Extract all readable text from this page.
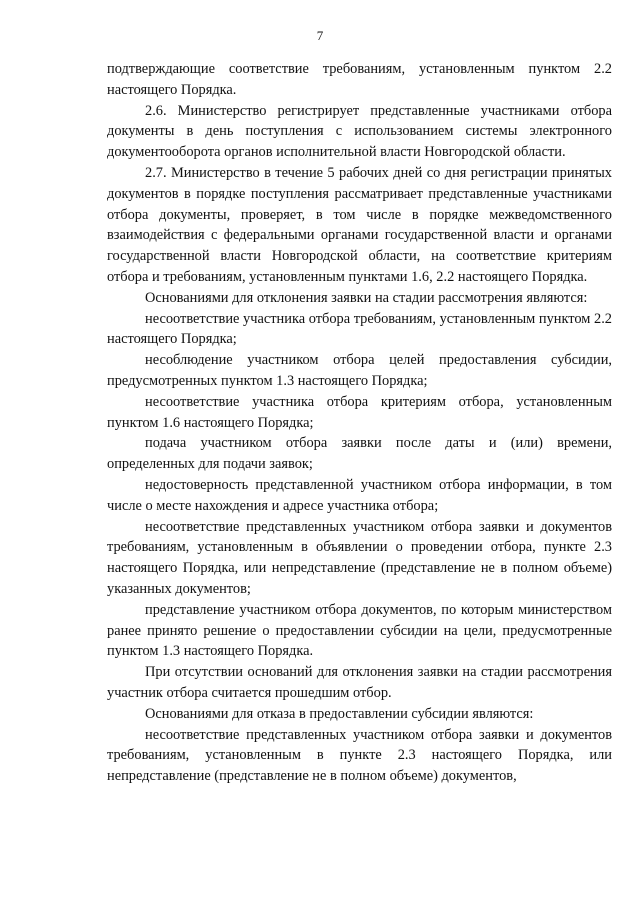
7

подтверждающие соответствие требованиям, установленным пунктом 2.2 настоящего Порядка.

2.6. Министерство регистрирует представленные участниками отбора документы в день поступления с использованием системы электронного документооборота органов исполнительной власти Новгородской области.

2.7. Министерство в течение 5 рабочих дней со дня регистрации принятых документов в порядке поступления рассматривает представленные участниками отбора документы, проверяет, в том числе в порядке межведомственного взаимодействия с федеральными органами государственной власти и органами государственной власти Новгородской области, на соответствие критериям отбора и требованиям, установленным пунктами 1.6, 2.2 настоящего Порядка.

Основаниями для отклонения заявки на стадии рассмотрения являются:

несоответствие участника отбора требованиям, установленным пунктом 2.2 настоящего Порядка;

несоблюдение участником отбора целей предоставления субсидии, предусмотренных пунктом 1.3 настоящего Порядка;

несоответствие участника отбора критериям отбора, установленным пунктом 1.6 настоящего Порядка;

подача участником отбора заявки после даты и (или) времени, определенных для подачи заявок;

недостоверность представленной участником отбора информации, в том числе о месте нахождения и адресе участника отбора;

несоответствие представленных участником отбора заявки и документов требованиям, установленным в объявлении о проведении отбора, пункте 2.3 настоящего Порядка, или непредставление (представление не в полном объеме) указанных документов;

представление участником отбора документов, по которым министерством ранее принято решение о предоставлении субсидии на цели, предусмотренные пунктом 1.3 настоящего Порядка.

При отсутствии оснований для отклонения заявки на стадии рассмотрения участник отбора считается прошедшим отбор.

Основаниями для отказа в предоставлении субсидии являются:

несоответствие представленных участником отбора заявки и документов требованиям, установленным в пункте 2.3 настоящего Порядка, или непредставление (представление не в полном объеме) документов,
